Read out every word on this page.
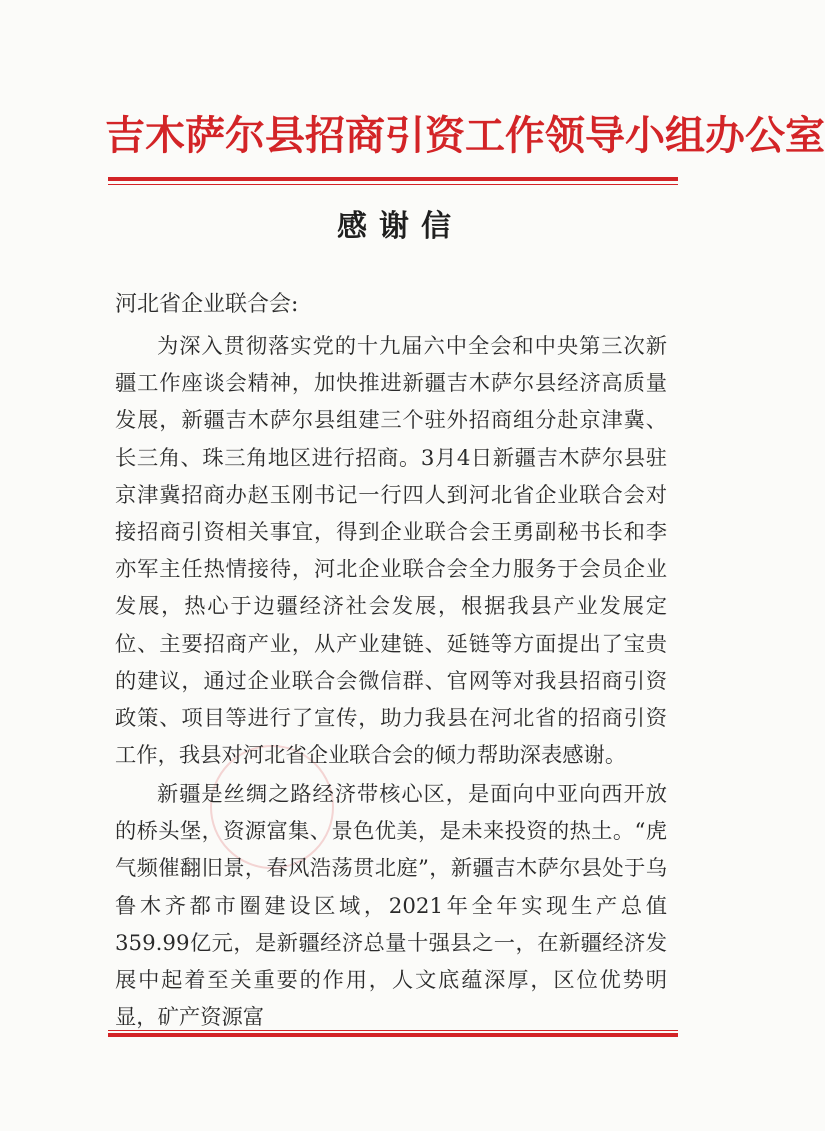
吉木萨尔县招商引资工作领导小组办公室
感谢信
河北省企业联合会:

为深入贯彻落实党的十九届六中全会和中央第三次新疆工作座谈会精神，加快推进新疆吉木萨尔县经济高质量发展，新疆吉木萨尔县组建三个驻外招商组分赴京津冀、长三角、珠三角地区进行招商。3月4日新疆吉木萨尔县驻京津冀招商办赵玉刚书记一行四人到河北省企业联合会对接招商引资相关事宜，得到企业联合会王勇副秘书长和李亦军主任热情接待，河北企业联合会全力服务于会员企业发展，热心于边疆经济社会发展，根据我县产业发展定位、主要招商产业，从产业建链、延链等方面提出了宝贵的建议，通过企业联合会微信群、官网等对我县招商引资政策、项目等进行了宣传，助力我县在河北省的招商引资工作，我县对河北省企业联合会的倾力帮助深表感谢。

新疆是丝绸之路经济带核心区，是面向中亚向西开放的桥头堡，资源富集、景色优美，是未来投资的热土。“虎气频催翻旧景，春风浩荡贯北庭”，新疆吉木萨尔县处于乌鲁木齐都市圈建设区域，2021年全年实现生产总值359.99亿元，是新疆经济总量十强县之一，在新疆经济发展中起着至关重要的作用，人文底蕴深厚，区位优势明显，矿产资源富
